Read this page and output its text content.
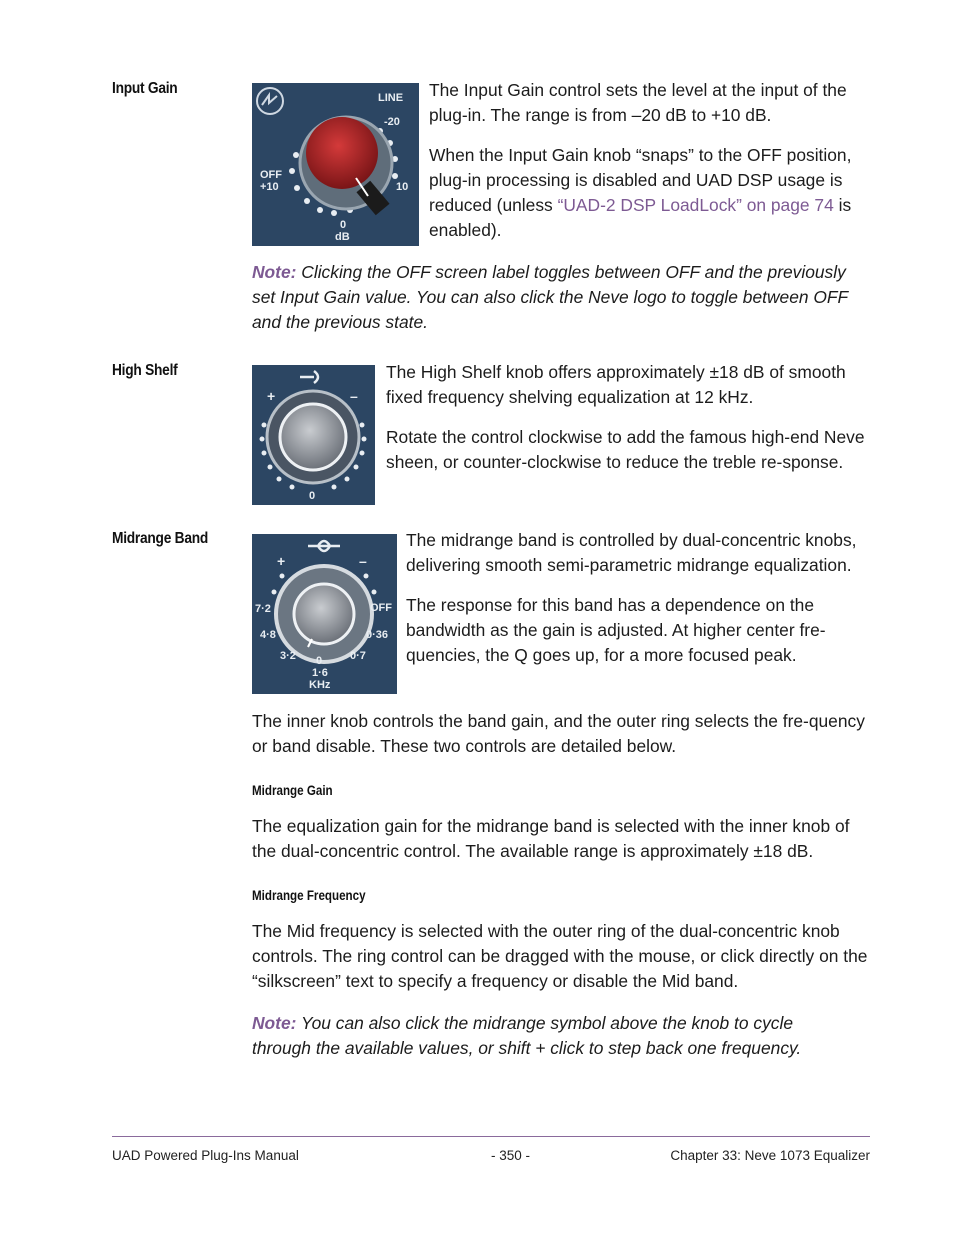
Input Gain
LINE
-20
OFF
+10	10
0
dB

The Input Gain control sets the level at the input of the plug-in. The range is from –20 dB to +10 dB.

When the Input Gain knob “snaps” to the OFF position, plug-in processing is disabled and UAD DSP usage is reduced (unless “UAD-2 DSP LoadLock” on page 74 is enabled).

Note: Clicking the OFF screen label toggles between OFF and the previously set Input Gain value. You can also click the Neve logo to toggle between OFF and the previous state.
High Shelf
+	–
0

The High Shelf knob offers approximately ±18 dB of smooth fixed frequency shelving equalization at 12 kHz.

Rotate the control clockwise to add the famous high-end Neve sheen, or counter-clockwise to reduce the treble re-sponse.

Midrange Band
+	–
7·2	OFF
4·8	0·36
3·2	0·7
0
1·6
KHz

The midrange band is controlled by dual-concentric knobs, delivering smooth semi-parametric midrange equalization.

The response for this band has a dependence on the bandwidth as the gain is adjusted. At higher center fre-quencies, the Q goes up, for a more focused peak.

The inner knob controls the band gain, and the outer ring selects the fre-quency or band disable. These two controls are detailed below.
Midrange Gain
The equalization gain for the midrange band is selected with the inner knob of the dual-concentric control. The available range is approximately ±18 dB.
Midrange Frequency
The Mid frequency is selected with the outer ring of the dual-concentric knob controls. The ring control can be dragged with the mouse, or click directly on the “silkscreen” text to specify a frequency or disable the Mid band.
Note: You can also click the midrange symbol above the knob to cycle through the available values, or shift + click to step back one frequency.
UAD Powered Plug-Ins Manual	- 350 -	Chapter 33: Neve 1073 Equalizer
